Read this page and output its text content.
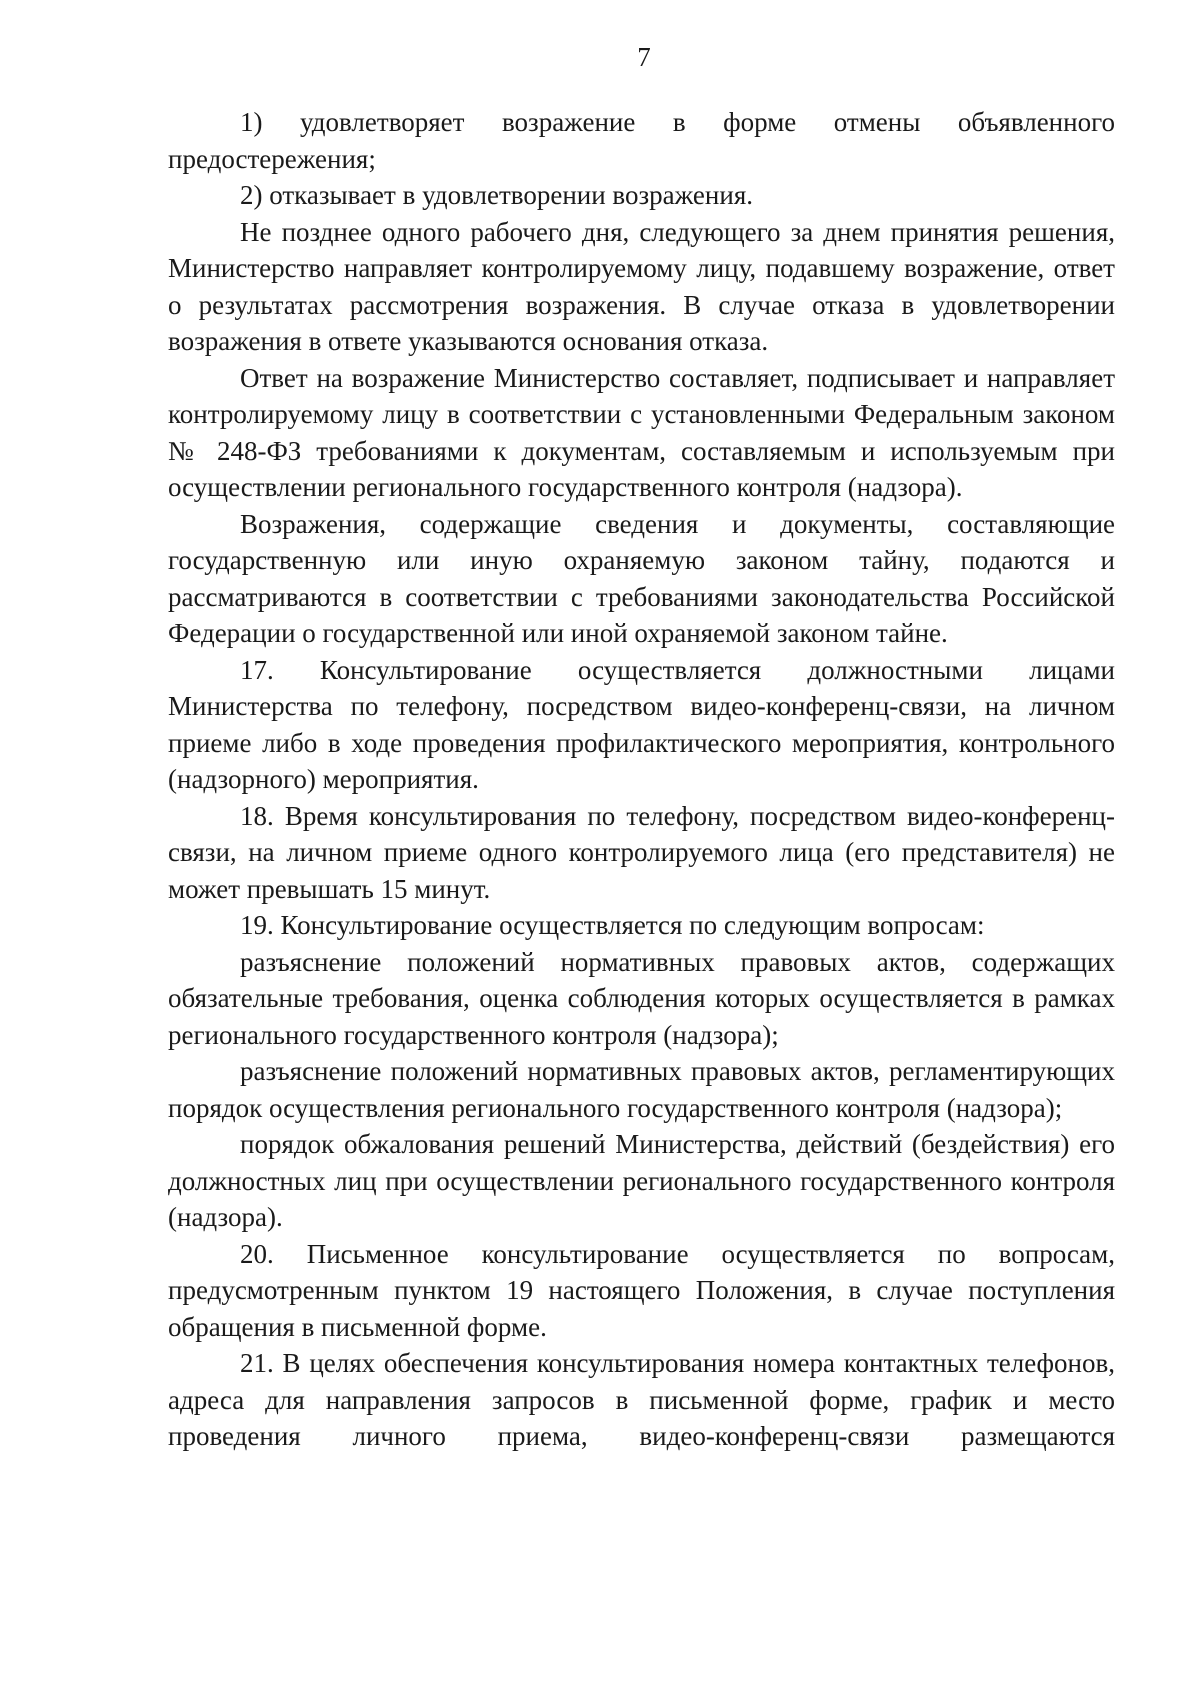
7

1) удовлетворяет возражение в форме отмены объявленного предостережения;

2) отказывает в удовлетворении возражения.

Не позднее одного рабочего дня, следующего за днем принятия решения, Министерство направляет контролируемому лицу, подавшему возражение, ответ о результатах рассмотрения возражения. В случае отказа в удовлетворении возражения в ответе указываются основания отказа.

Ответ на возражение Министерство составляет, подписывает и направляет контролируемому лицу в соответствии с установленными Федеральным законом № 248-ФЗ требованиями к документам, составляемым и используемым при осуществлении регионального государственного контроля (надзора).

Возражения, содержащие сведения и документы, составляющие государственную или иную охраняемую законом тайну, подаются и рассматриваются в соответствии с требованиями законодательства Российской Федерации о государственной или иной охраняемой законом тайне.

17. Консультирование осуществляется должностными лицами Министерства по телефону, посредством видео-конференц-связи, на личном приеме либо в ходе проведения профилактического мероприятия, контрольного (надзорного) мероприятия.

18. Время консультирования по телефону, посредством видео-конференц-связи, на личном приеме одного контролируемого лица (его представителя) не может превышать 15 минут.

19. Консультирование осуществляется по следующим вопросам:

разъяснение положений нормативных правовых актов, содержащих обязательные требования, оценка соблюдения которых осуществляется в рамках регионального государственного контроля (надзора);

разъяснение положений нормативных правовых актов, регламентирующих порядок осуществления регионального государственного контроля (надзора);

порядок обжалования решений Министерства, действий (бездействия) его должностных лиц при осуществлении регионального государственного контроля (надзора).

20. Письменное консультирование осуществляется по вопросам, предусмотренным пунктом 19 настоящего Положения, в случае поступления обращения в письменной форме.

21. В целях обеспечения консультирования номера контактных телефонов, адреса для направления запросов в письменной форме, график и место проведения личного приема, видео-конференц-связи размещаются
